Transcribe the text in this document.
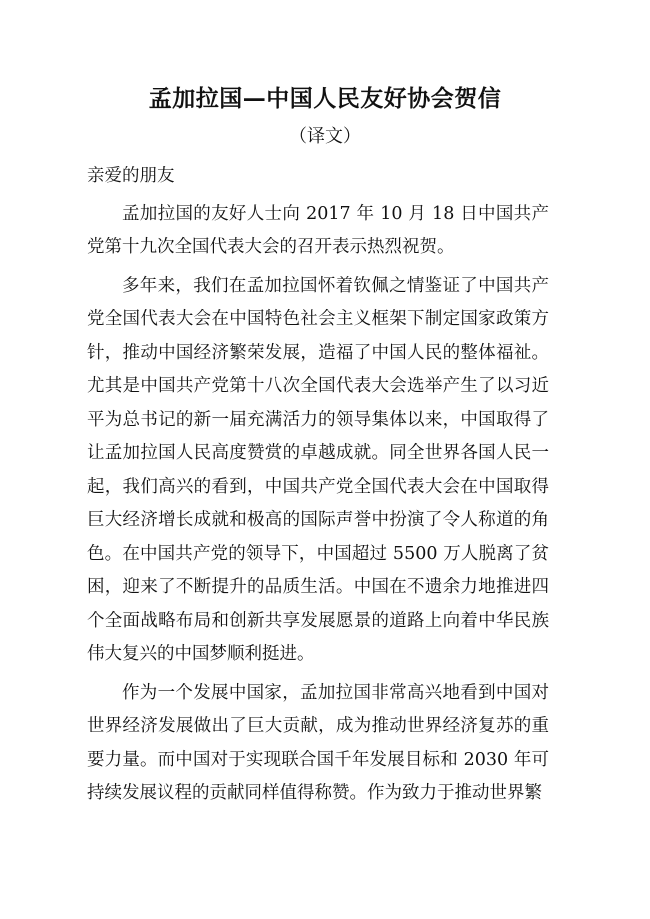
孟加拉国—中国人民友好协会贺信
（译文）

亲爱的朋友

孟加拉国的友好人士向 2017 年 10 月 18 日中国共产党第十九次全国代表大会的召开表示热烈祝贺。

多年来，我们在孟加拉国怀着钦佩之情鉴证了中国共产党全国代表大会在中国特色社会主义框架下制定国家政策方针，推动中国经济繁荣发展，造福了中国人民的整体福祉。尤其是中国共产党第十八次全国代表大会选举产生了以习近平为总书记的新一届充满活力的领导集体以来，中国取得了让孟加拉国人民高度赞赏的卓越成就。同全世界各国人民一起，我们高兴的看到，中国共产党全国代表大会在中国取得巨大经济增长成就和极高的国际声誉中扮演了令人称道的角色。在中国共产党的领导下，中国超过 5500 万人脱离了贫困，迎来了不断提升的品质生活。中国在不遗余力地推进四个全面战略布局和创新共享发展愿景的道路上向着中华民族伟大复兴的中国梦顺利挺进。

作为一个发展中国家，孟加拉国非常高兴地看到中国对世界经济发展做出了巨大贡献，成为推动世界经济复苏的重要力量。而中国对于实现联合国千年发展目标和 2030 年可持续发展议程的贡献同样值得称赞。作为致力于推动世界繁
